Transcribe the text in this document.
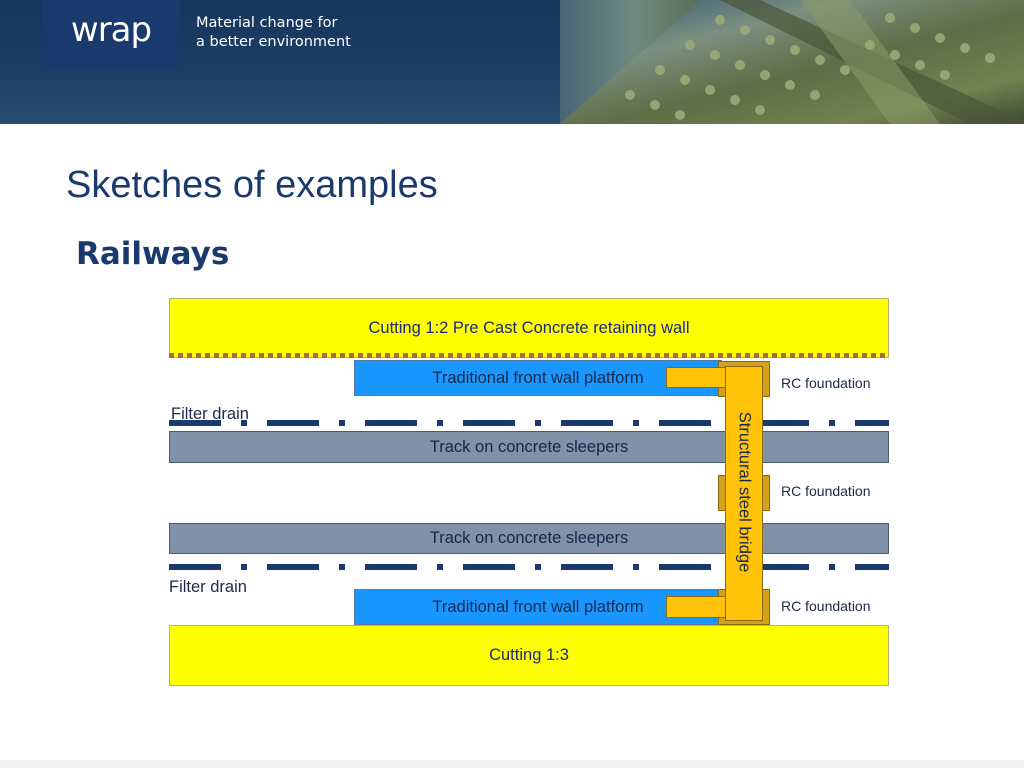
wrap	Material change for
a better environment
Sketches of examples
Railways
Cutting 1:2 Pre Cast Concrete retaining wall
Traditional front wall platform	RC foundation
Filter drain
Track on concrete sleepers
RC foundation
Track on concrete sleepers
Filter drain
Traditional front wall platform	RC foundation
Cutting 1:3
Structural steel bridge
